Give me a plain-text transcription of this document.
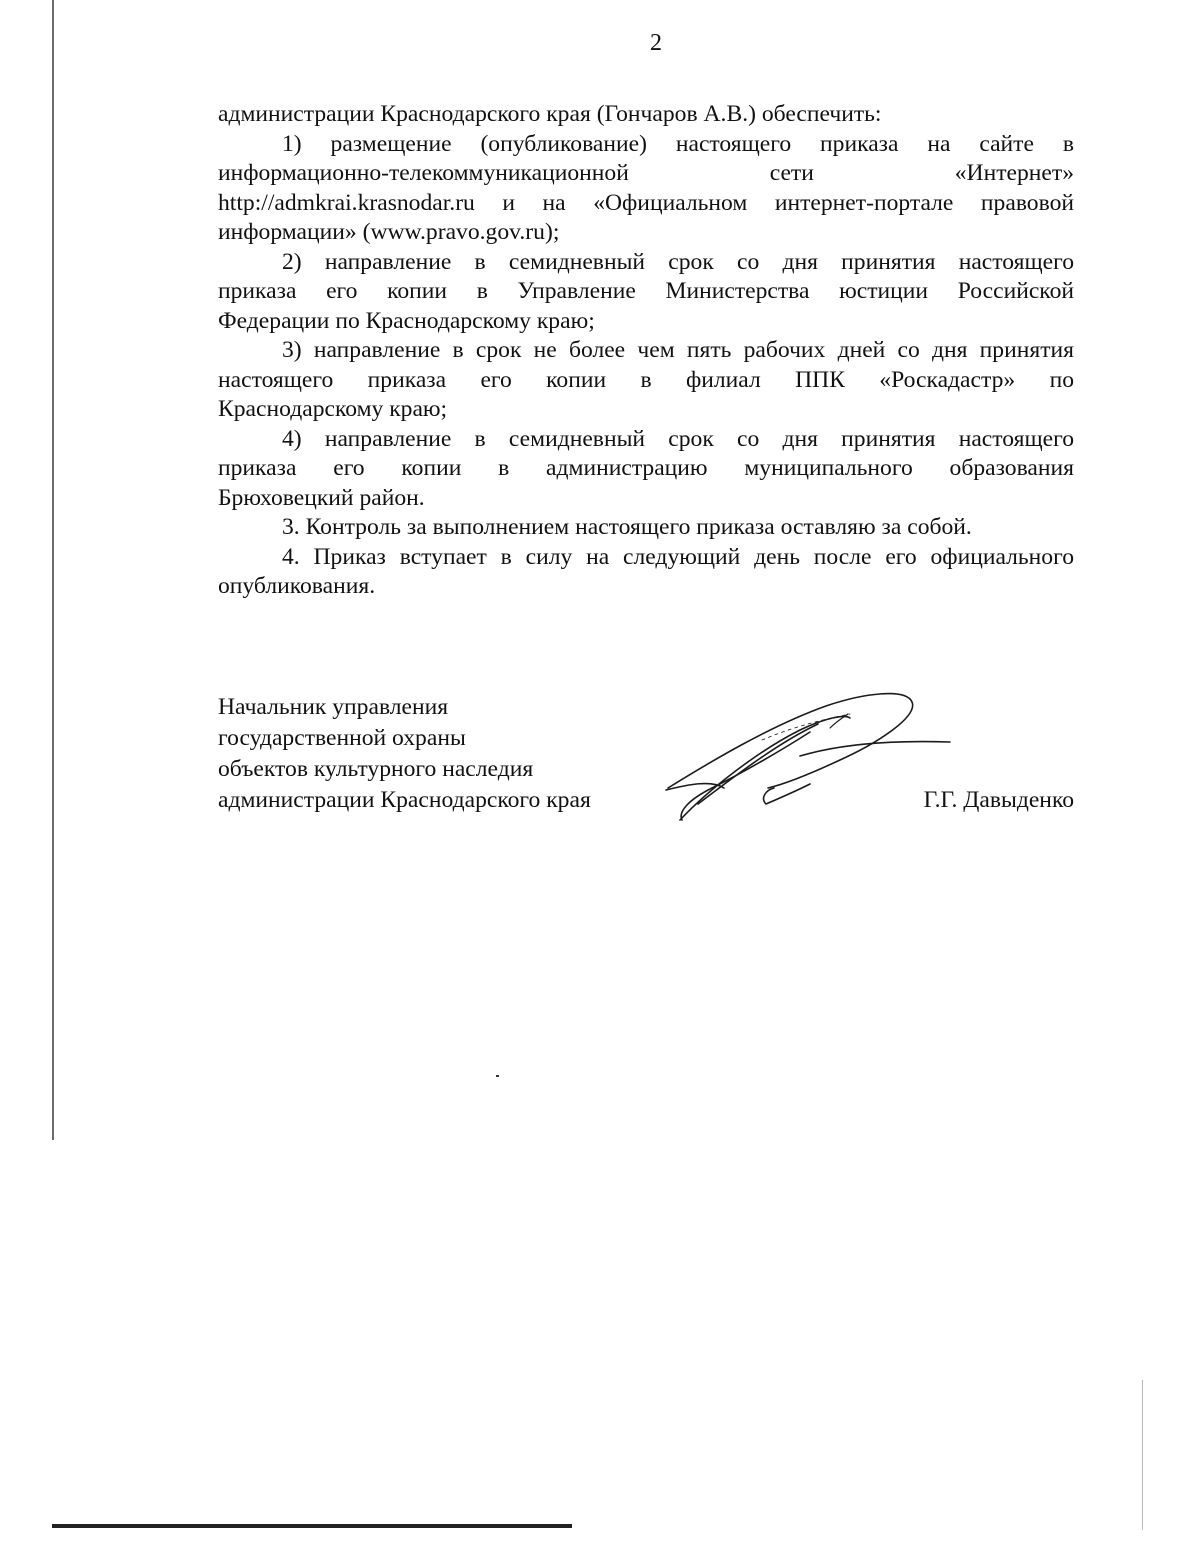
2
администрации Краснодарского края (Гончаров А.В.) обеспечить:
1) размещение (опубликование) настоящего приказа на сайте в
информационно-телекоммуникационной сети «Интернет»
http://admkrai.krasnodar.ru и на «Официальном интернет-портале правовой
информации» (www.pravo.gov.ru);
2) направление в семидневный срок со дня принятия настоящего
приказа его копии в Управление Министерства юстиции Российской
Федерации по Краснодарскому краю;
3) направление в срок не более чем пять рабочих дней со дня принятия
настоящего приказа его копии в филиал ППК «Роскадастр» по
Краснодарскому краю;
4) направление в семидневный срок со дня принятия настоящего
приказа его копии в администрацию муниципального образования
Брюховецкий район.
3. Контроль за выполнением настоящего приказа оставляю за собой.
4. Приказ вступает в силу на следующий день после его официального
опубликования.
Начальник управления
государственной охраны
объектов культурного наследия
администрации Краснодарского края	Г.Г. Давыденко
